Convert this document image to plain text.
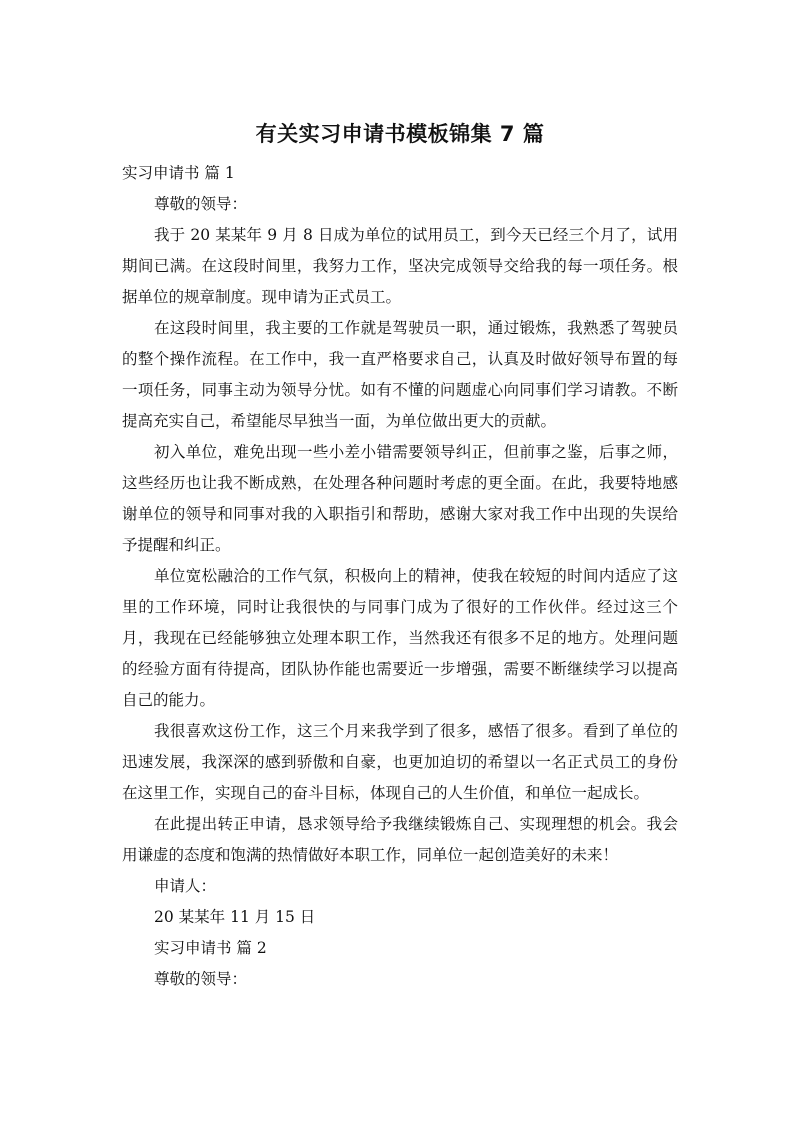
有关实习申请书模板锦集 7 篇

实习申请书 篇 1

尊敬的领导：

我于 20 某某年 9 月 8 日成为单位的试用员工，到今天已经三个月了，试用期间已满。在这段时间里，我努力工作，坚决完成领导交给我的每一项任务。根据单位的规章制度。现申请为正式员工。

在这段时间里，我主要的工作就是驾驶员一职，通过锻炼，我熟悉了驾驶员的整个操作流程。在工作中，我一直严格要求自己，认真及时做好领导布置的每一项任务，同事主动为领导分忧。如有不懂的问题虚心向同事们学习请教。不断提高充实自己，希望能尽早独当一面，为单位做出更大的贡献。

初入单位，难免出现一些小差小错需要领导纠正，但前事之鉴，后事之师，这些经历也让我不断成熟，在处理各种问题时考虑的更全面。在此，我要特地感谢单位的领导和同事对我的入职指引和帮助，感谢大家对我工作中出现的失误给予提醒和纠正。

单位宽松融洽的工作气氛，积极向上的精神，使我在较短的时间内适应了这里的工作环境，同时让我很快的与同事门成为了很好的工作伙伴。经过这三个月，我现在已经能够独立处理本职工作，当然我还有很多不足的地方。处理问题的经验方面有待提高，团队协作能也需要近一步增强，需要不断继续学习以提高自己的能力。

我很喜欢这份工作，这三个月来我学到了很多，感悟了很多。看到了单位的迅速发展，我深深的感到骄傲和自豪，也更加迫切的希望以一名正式员工的身份在这里工作，实现自己的奋斗目标，体现自己的人生价值，和单位一起成长。

在此提出转正申请，恳求领导给予我继续锻炼自己、实现理想的机会。我会用谦虚的态度和饱满的热情做好本职工作，同单位一起创造美好的未来！

申请人：

20 某某年 11 月 15 日

实习申请书 篇 2

尊敬的领导：
